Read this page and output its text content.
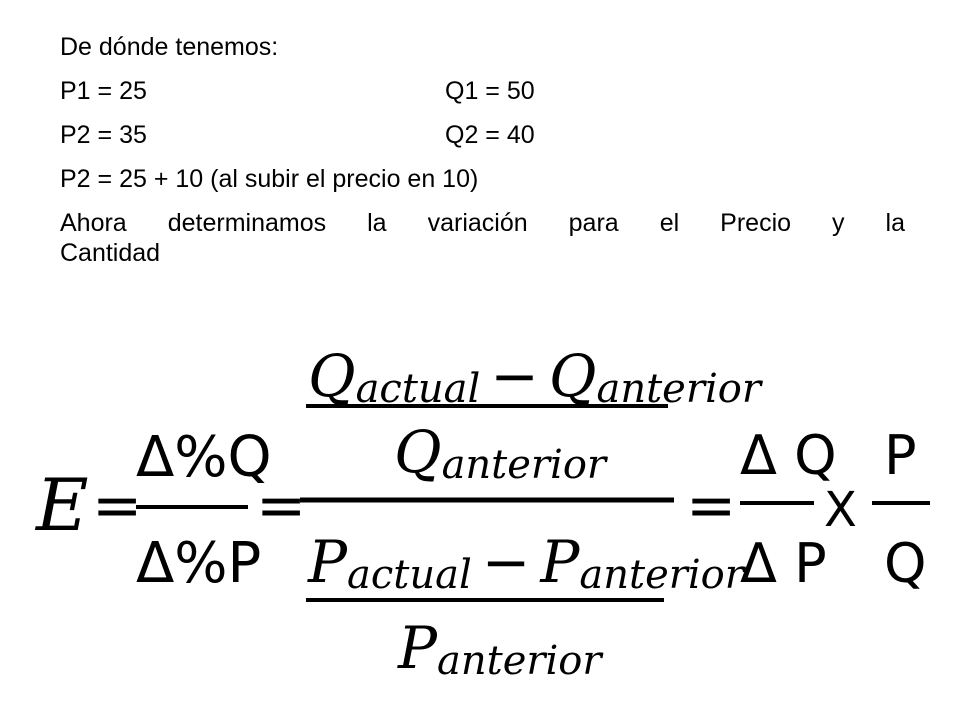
De dónde tenemos:
P1 = 25	Q1 = 50
P2 = 35	Q2 = 40
P2 = 25 + 10 (al subir el precio en 10)
Ahora determinamos la variación para el Precio y la
Cantidad
E =
Δ%Q
Δ%P
=
Qactual − Qanterior
Qanterior
Pactual − Panterior
Panterior
=
Δ Q
Δ P
X
P
Q
